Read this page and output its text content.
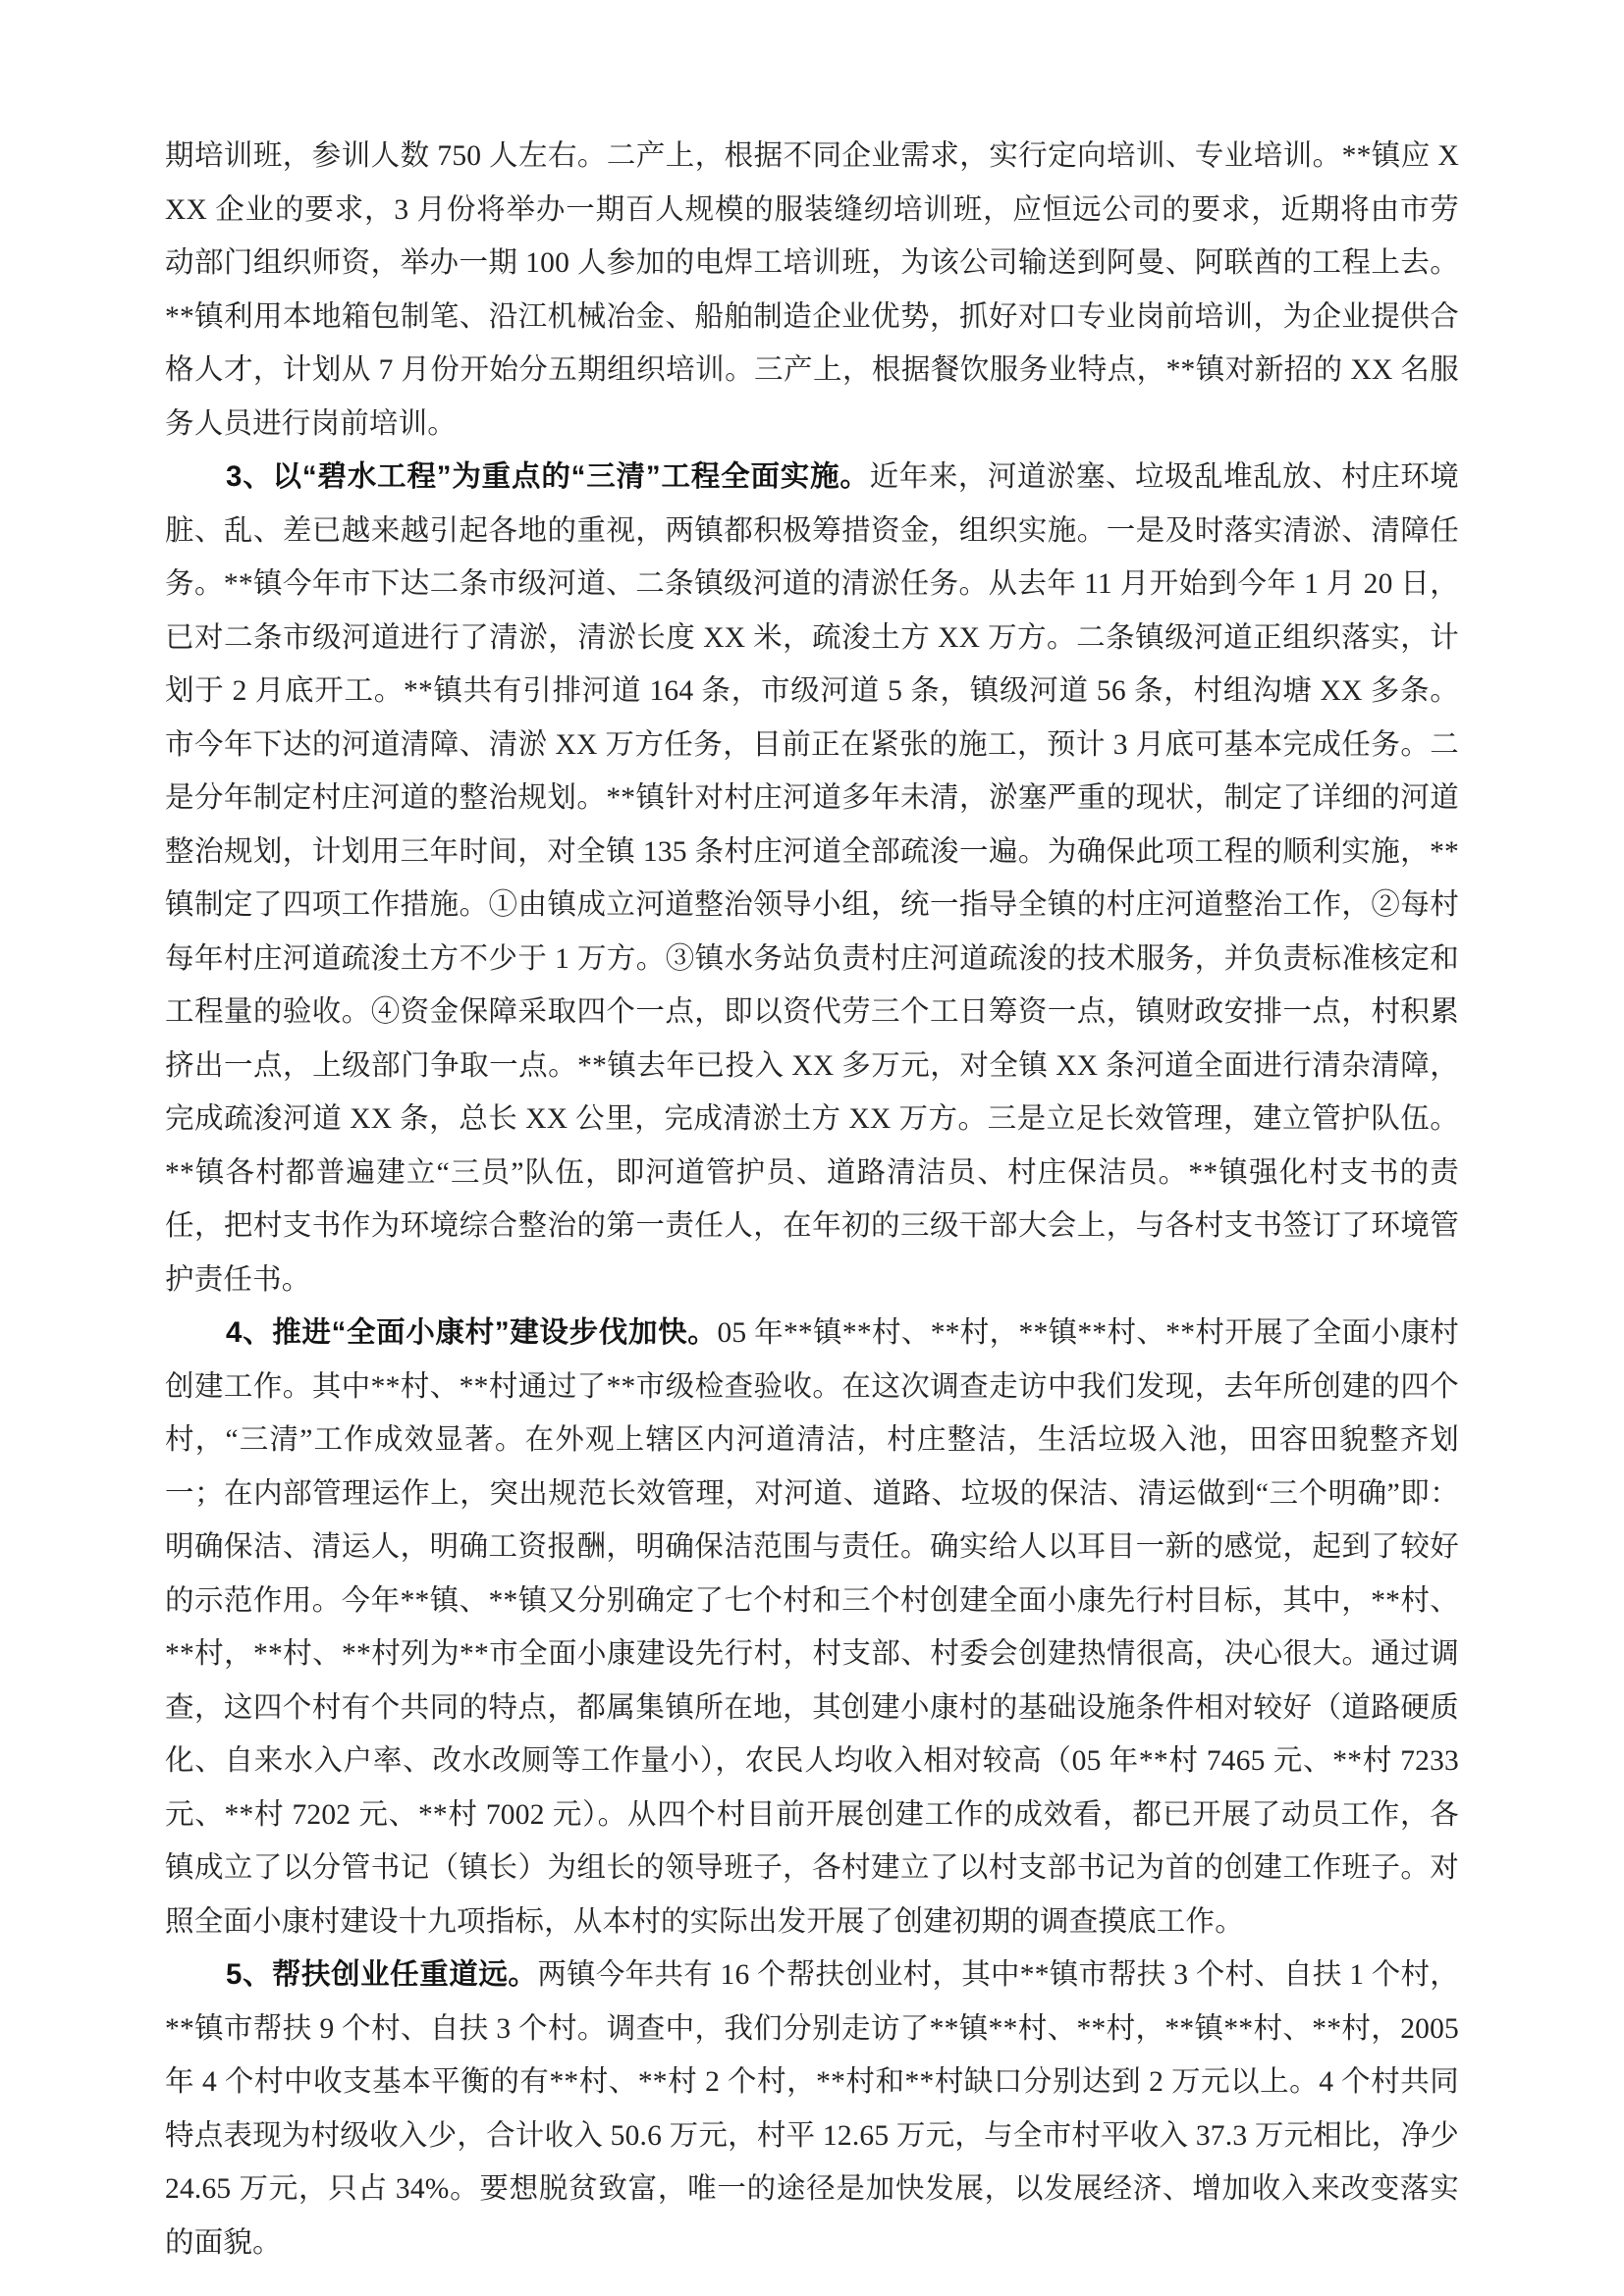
期培训班，参训人数 750 人左右。二产上，根据不同企业需求，实行定向培训、专业培训。**镇应 XXX 企业的要求，3 月份将举办一期百人规模的服装缝纫培训班，应恒远公司的要求，近期将由市劳动部门组织师资，举办一期 100 人参加的电焊工培训班，为该公司输送到阿曼、阿联酋的工程上去。**镇利用本地箱包制笔、沿江机械冶金、船舶制造企业优势，抓好对口专业岗前培训，为企业提供合格人才，计划从 7 月份开始分五期组织培训。三产上，根据餐饮服务业特点，**镇对新招的 XX 名服务人员进行岗前培训。

3、以“碧水工程”为重点的“三清”工程全面实施。近年来，河道淤塞、垃圾乱堆乱放、村庄环境脏、乱、差已越来越引起各地的重视，两镇都积极筹措资金，组织实施。一是及时落实清淤、清障任务。**镇今年市下达二条市级河道、二条镇级河道的清淤任务。从去年 11 月开始到今年 1 月 20 日，已对二条市级河道进行了清淤，清淤长度 XX 米，疏浚土方 XX 万方。二条镇级河道正组织落实，计划于 2 月底开工。**镇共有引排河道 164 条，市级河道 5 条，镇级河道 56 条，村组沟塘 XX 多条。市今年下达的河道清障、清淤 XX 万方任务，目前正在紧张的施工，预计 3 月底可基本完成任务。二是分年制定村庄河道的整治规划。**镇针对村庄河道多年未清，淤塞严重的现状，制定了详细的河道整治规划，计划用三年时间，对全镇 135 条村庄河道全部疏浚一遍。为确保此项工程的顺利实施，**镇制定了四项工作措施。①由镇成立河道整治领导小组，统一指导全镇的村庄河道整治工作，②每村每年村庄河道疏浚土方不少于 1 万方。③镇水务站负责村庄河道疏浚的技术服务，并负责标准核定和工程量的验收。④资金保障采取四个一点，即以资代劳三个工日筹资一点，镇财政安排一点，村积累挤出一点，上级部门争取一点。**镇去年已投入 XX 多万元，对全镇 XX 条河道全面进行清杂清障，完成疏浚河道 XX 条，总长 XX 公里，完成清淤土方 XX 万方。三是立足长效管理，建立管护队伍。**镇各村都普遍建立“三员”队伍，即河道管护员、道路清洁员、村庄保洁员。**镇强化村支书的责任，把村支书作为环境综合整治的第一责任人，在年初的三级干部大会上，与各村支书签订了环境管护责任书。

4、推进“全面小康村”建设步伐加快。05 年**镇**村、**村，**镇**村、**村开展了全面小康村创建工作。其中**村、**村通过了**市级检查验收。在这次调查走访中我们发现，去年所创建的四个村，“三清”工作成效显著。在外观上辖区内河道清洁，村庄整洁，生活垃圾入池，田容田貌整齐划一；在内部管理运作上，突出规范长效管理，对河道、道路、垃圾的保洁、清运做到“三个明确”即：明确保洁、清运人，明确工资报酬，明确保洁范围与责任。确实给人以耳目一新的感觉，起到了较好的示范作用。今年**镇、**镇又分别确定了七个村和三个村创建全面小康先行村目标，其中，**村、**村，**村、**村列为**市全面小康建设先行村，村支部、村委会创建热情很高，决心很大。通过调查，这四个村有个共同的特点，都属集镇所在地，其创建小康村的基础设施条件相对较好（道路硬质化、自来水入户率、改水改厕等工作量小），农民人均收入相对较高（05 年**村 7465 元、**村 7233 元、**村 7202 元、**村 7002 元）。从四个村目前开展创建工作的成效看，都已开展了动员工作，各镇成立了以分管书记（镇长）为组长的领导班子，各村建立了以村支部书记为首的创建工作班子。对照全面小康村建设十九项指标，从本村的实际出发开展了创建初期的调查摸底工作。

5、帮扶创业任重道远。两镇今年共有 16 个帮扶创业村，其中**镇市帮扶 3 个村、自扶 1 个村，**镇市帮扶 9 个村、自扶 3 个村。调查中，我们分别走访了**镇**村、**村，**镇**村、**村，2005 年 4 个村中收支基本平衡的有**村、**村 2 个村，**村和**村缺口分别达到 2 万元以上。4 个村共同特点表现为村级收入少，合计收入 50.6 万元，村平 12.65 万元，与全市村平收入 37.3 万元相比，净少 24.65 万元，只占 34%。要想脱贫致富，唯一的途径是加快发展，以发展经济、增加收入来改变落实的面貌。
